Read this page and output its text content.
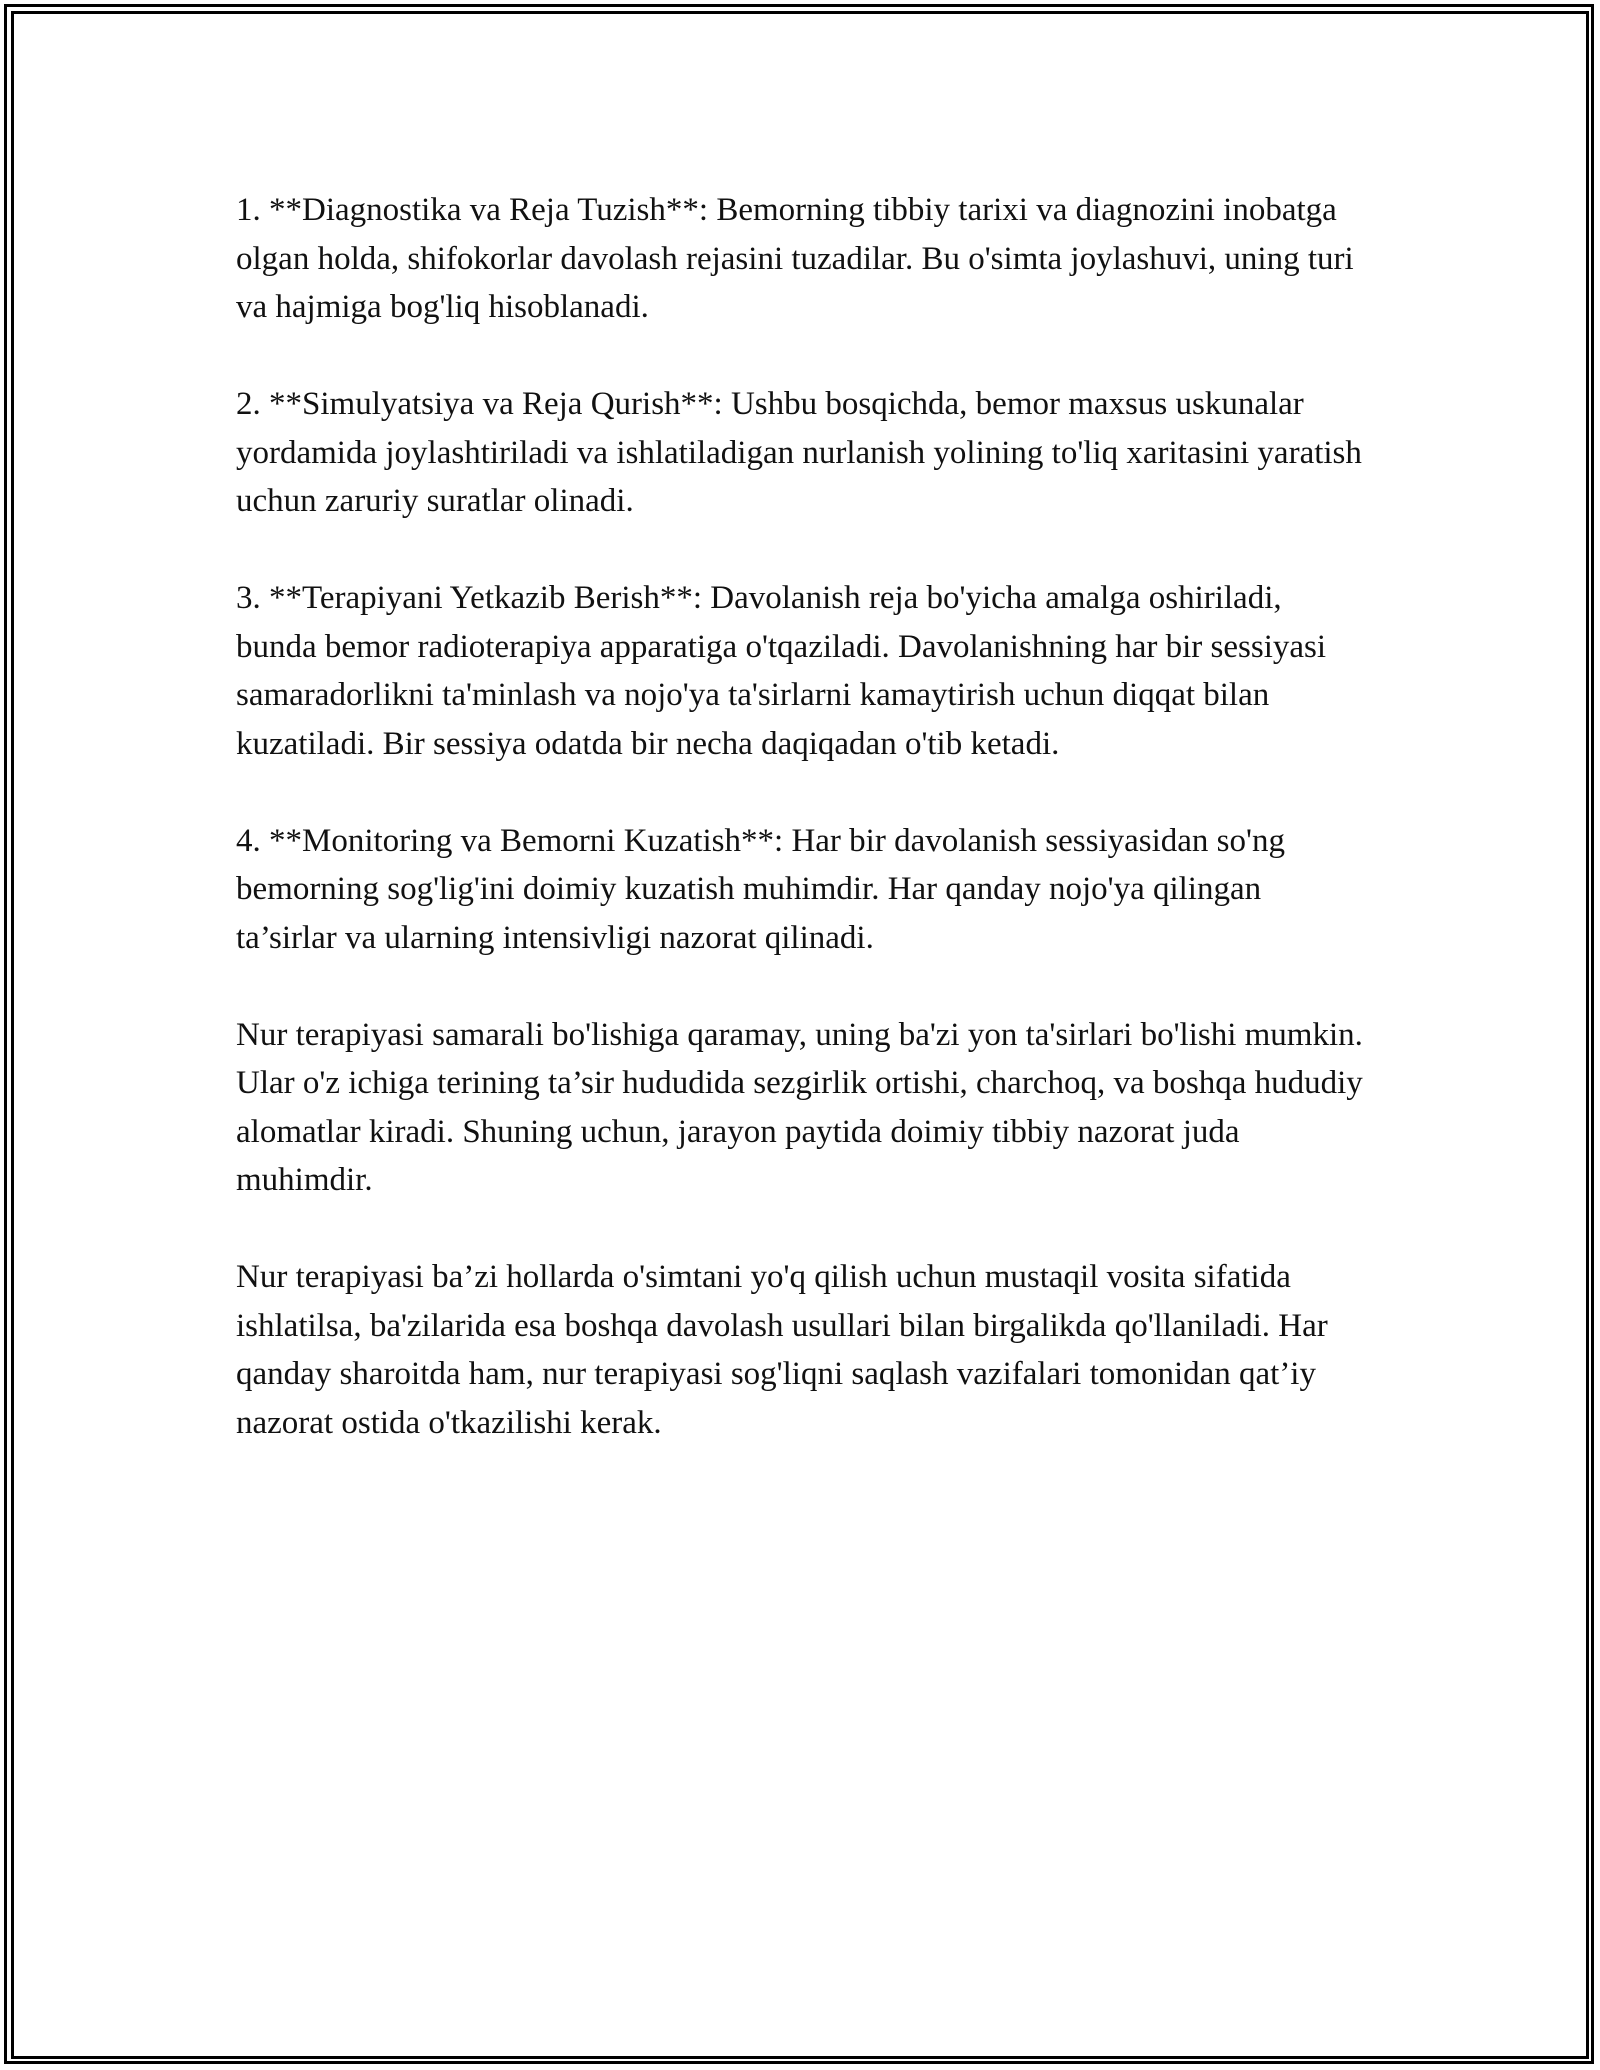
1. **Diagnostika va Reja Tuzish**: Bemorning tibbiy tarixi va diagnozini inobatga olgan holda, shifokorlar davolash rejasini tuzadilar. Bu o'simta joylashuvi, uning turi va hajmiga bog'liq hisoblanadi.

2. **Simulyatsiya va Reja Qurish**: Ushbu bosqichda, bemor maxsus uskunalar yordamida joylashtiriladi va ishlatiladigan nurlanish yolining to'liq xaritasini yaratish uchun zaruriy suratlar olinadi.

3. **Terapiyani Yetkazib Berish**: Davolanish reja bo'yicha amalga oshiriladi, bunda bemor radioterapiya apparatiga o'tqaziladi. Davolanishning har bir sessiyasi samaradorlikni ta'minlash va nojo'ya ta'sirlarni kamaytirish uchun diqqat bilan kuzatiladi. Bir sessiya odatda bir necha daqiqadan o'tib ketadi.

4. **Monitoring va Bemorni Kuzatish**: Har bir davolanish sessiyasidan so'ng bemorning sog'lig'ini doimiy kuzatish muhimdir. Har qanday nojo'ya qilingan ta’sirlar va ularning intensivligi nazorat qilinadi.

Nur terapiyasi samarali bo'lishiga qaramay, uning ba'zi yon ta'sirlari bo'lishi mumkin. Ular o'z ichiga terining ta’sir hududida sezgirlik ortishi, charchoq, va boshqa hududiy alomatlar kiradi. Shuning uchun, jarayon paytida doimiy tibbiy nazorat juda muhimdir.

Nur terapiyasi ba’zi hollarda o'simtani yo'q qilish uchun mustaqil vosita sifatida ishlatilsa, ba'zilarida esa boshqa davolash usullari bilan birgalikda qo'llaniladi. Har qanday sharoitda ham, nur terapiyasi sog'liqni saqlash vazifalari tomonidan qat’iy nazorat ostida o'tkazilishi kerak.
